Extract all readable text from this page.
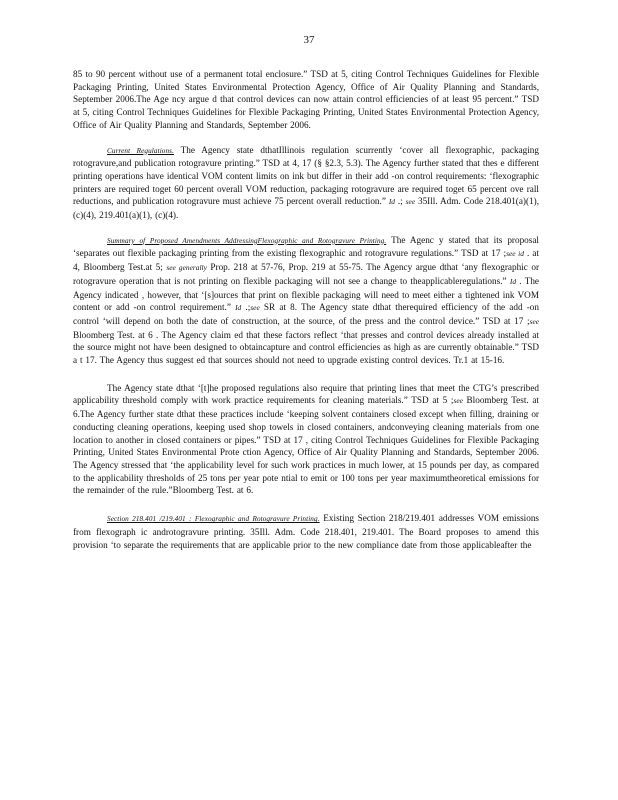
37

85 to 90 percent without use of a permanent total enclosure.” TSD at 5, citing Control Techniques Guidelines for Flexible Packaging Printing, United States Environmental Protection Agency, Office of Air Quality Planning and Standards, September 2006.The Age ncy argue d that control devices can now attain control efficiencies of at least 95 percent.” TSD at 5, citing Control Techniques Guidelines for Flexible Packaging Printing, United States Environmental Protection Agency, Office of Air Quality Planning and Standards, September 2006.

Current Regulations. The Agency state dthatIllinois regulation scurrently ‘cover all flexographic, packaging rotogravure,and publication rotogravure printing.” TSD at 4, 17 (§ §2.3, 5.3). The Agency further stated that thes e different printing operations have identical VOM content limits on ink but differ in their add -on control requirements: ‘flexographic printers are required toget 60 percent overall VOM reduction, packaging rotogravure are required toget 65 percent ove rall reductions, and publication rotogravure must achieve 75 percent overall reduction.” Id .; see 35Ill. Adm. Code 218.401(a)(1), (c)(4), 219.401(a)(1), (c)(4).

Summary of Proposed Amendments AddressingFlexographic and Rotogravure Printing. The Agenc y stated that its proposal ‘separates out flexible packaging printing from the existing flexographic and rotogravure regulations.” TSD at 17 ;see id . at 4, Bloomberg Test.at 5; see generally Prop. 218 at 57-76, Prop. 219 at 55-75. The Agency argue dthat ‘any flexographic or rotogravure operation that is not printing on flexible packaging will not see a change to theapplicableregulations.” Id . The Agency indicated , however, that ‘[s]ources that print on flexible packaging will need to meet either a tightened ink VOM content or add -on control requirement.” Id .;see SR at 8. The Agency state dthat therequired efficiency of the add -on control ‘will depend on both the date of construction, at the source, of the press and the control device.” TSD at 17 ;see Bloomberg Test. at 6 . The Agency claim ed that these factors reflect ‘that presses and control devices already installed at the source might not have been designed to obtaincapture and control efficiencies as high as are currently obtainable.” TSD a t 17. The Agency thus suggest ed that sources should not need to upgrade existing control devices. Tr.1 at 15-16.

The Agency state dthat ‘[t]he proposed regulations also require that printing lines that meet the CTG’s prescribed applicability threshold comply with work practice requirements for cleaning materials.” TSD at 5 ;see Bloomberg Test. at 6.The Agency further state dthat these practices include ‘keeping solvent containers closed except when filling, draining or conducting cleaning operations, keeping used shop towels in closed containers, andconveying cleaning materials from one location to another in closed containers or pipes.” TSD at 17 , citing Control Techniques Guidelines for Flexible Packaging Printing, United States Environmental Prote ction Agency, Office of Air Quality Planning and Standards, September 2006. The Agency stressed that ‘the applicability level for such work practices in much lower, at 15 pounds per day, as compared to the applicability thresholds of 25 tons per year pote ntial to emit or 100 tons per year maximumtheoretical emissions for the remainder of the rule.”Bloomberg Test. at 6.

Section 218.401 /219.401 : Flexographic and Rotogravure Printing. Existing Section 218/219.401 addresses VOM emissions from flexograph ic androtogravure printing. 35Ill. Adm. Code 218.401, 219.401. The Board proposes to amend this provision ‘to separate the requirements that are applicable prior to the new compliance date from those applicableafter the
